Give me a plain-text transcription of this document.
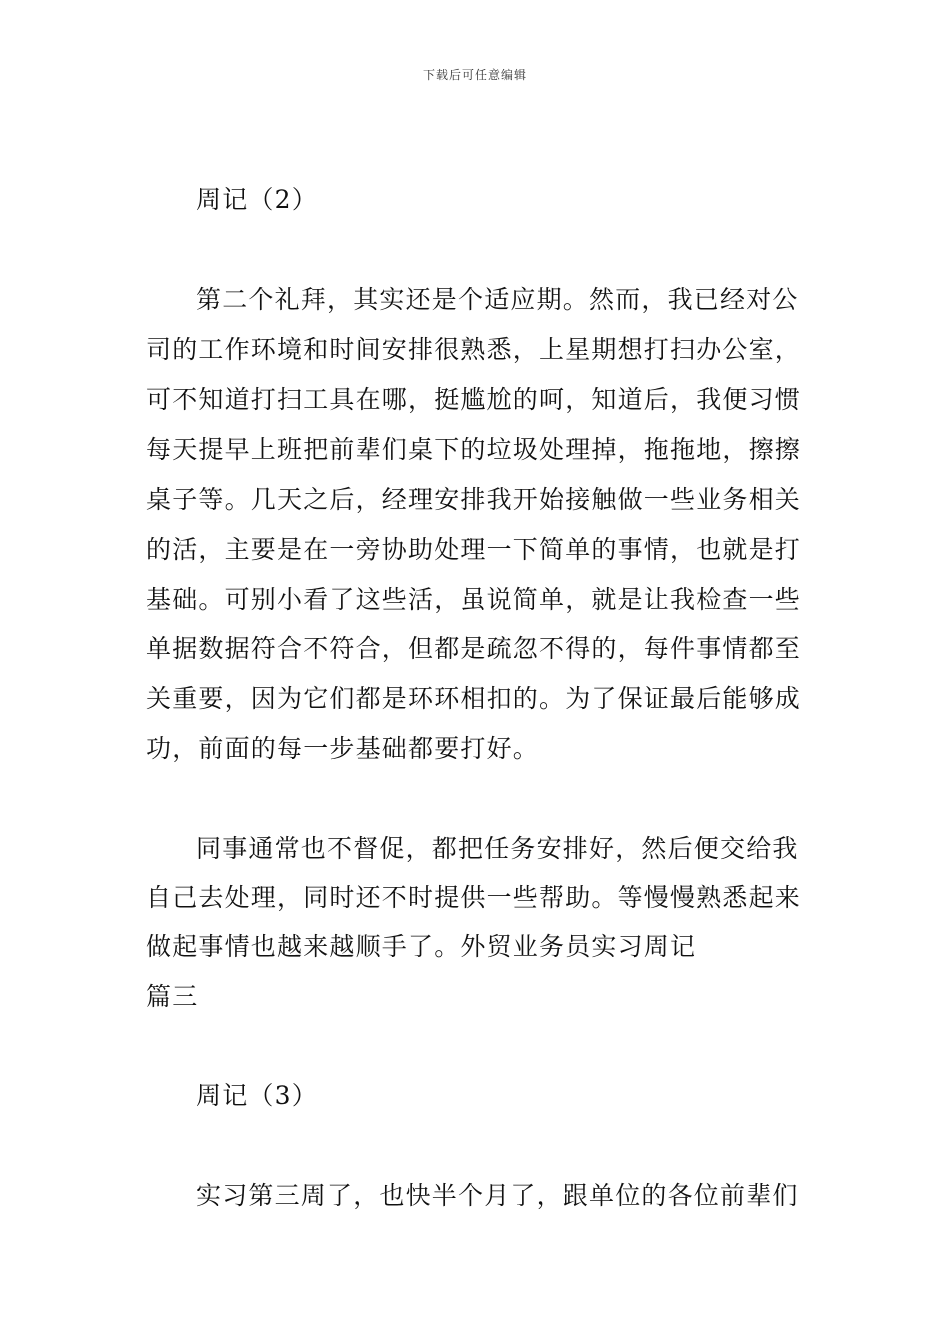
下载后可任意编辑
周记（2）
第二个礼拜，其实还是个适应期。然而，我已经对公
司的工作环境和时间安排很熟悉，上星期想打扫办公室，
可不知道打扫工具在哪，挺尴尬的呵，知道后，我便习惯
每天提早上班把前辈们桌下的垃圾处理掉，拖拖地，擦擦
桌子等。几天之后，经理安排我开始接触做一些业务相关
的活，主要是在一旁协助处理一下简单的事情，也就是打
基础。可别小看了这些活，虽说简单，就是让我检查一些
单据数据符合不符合，但都是疏忽不得的，每件事情都至
关重要，因为它们都是环环相扣的。为了保证最后能够成
功，前面的每一步基础都要打好。
同事通常也不督促，都把任务安排好，然后便交给我
自己去处理，同时还不时提供一些帮助。等慢慢熟悉起来
做起事情也越来越顺手了。外贸业务员实习周记
篇三
周记（3）
实习第三周了，也快半个月了，跟单位的各位前辈们
